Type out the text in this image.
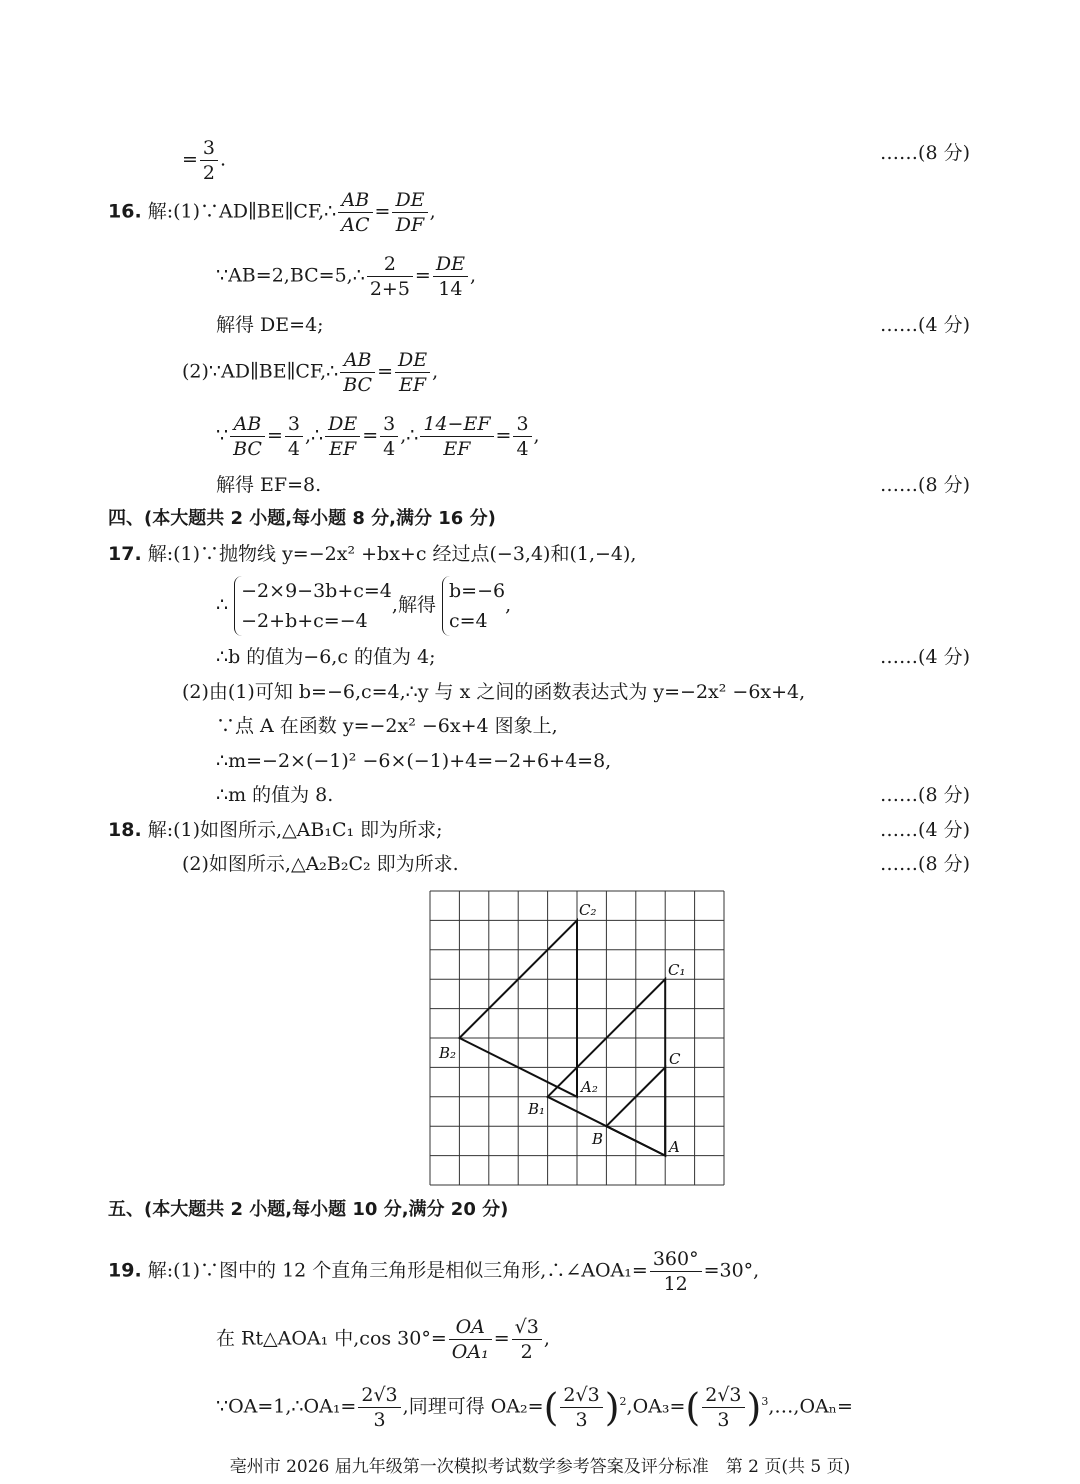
= $\frac{3}{2}$ .	……(8 分)
16. 解:(1)∵AD∥BE∥CF,∴ $\frac{AB}{AC} = \frac{DE}{DF}$ ,
∵AB=2,BC=5,∴ $\frac{2}{2+5} = \frac{DE}{14}$ ,
解得 DE=4;	……(4 分)
(2)∵AD∥BE∥CF,∴ $\frac{AB}{BC} = \frac{DE}{EF}$ ,
∵ $\frac{AB}{BC} = \frac{3}{4}$ ,∴ $\frac{DE}{EF} = \frac{3}{4}$ ,∴ $\frac{14-EF}{EF} = \frac{3}{4}$ ,
解得 EF=8.	……(8 分)
四、(本大题共 2 小题,每小题 8 分,满分 16 分)
17. 解:(1)∵抛物线 y=−2x² +bx+c 经过点(−3,4)和(1,−4),
∴
−2×9−3b+c=4
−2+b+c=−4
,解得
b=−6
c=4
,
∴b 的值为−6,c 的值为 4;	……(4 分)
(2)由(1)可知 b=−6,c=4,∴y 与 x 之间的函数表达式为 y=−2x² −6x+4,
∵点 A 在函数 y=−2x² −6x+4 图象上,
∴m=−2×(−1)² −6×(−1)+4=−2+6+4=8,
∴m 的值为 8.	……(8 分)
18. 解:(1)如图所示,△AB₁C₁ 即为所求;	……(4 分)
(2)如图所示,△A₂B₂C₂ 即为所求.	……(8 分)
C₂
C₁
C
B₂
A₂
B₁
B	A
五、(本大题共 2 小题,每小题 10 分,满分 20 分)
19. 解:(1)∵图中的 12 个直角三角形是相似三角形,∴∠AOA₁= $\frac{360^\circ}{12} =30^\circ$,
在 Rt△AOA₁ 中,cos $30^\circ= \frac{OA}{\text{OA₁}} = \frac{√3}{2}$ ,
∵OA=1,∴OA₁= $\frac{2√3}{3}$ ,同理可得 $OA_2=( \frac{2√3}{3} )^2,OA_3=( \frac{2√3}{3}$ )$^3,\dots,OA_n=$
亳州市 2026 届九年级第一次模拟考试数学参考答案及评分标准　第 2 页(共 5 页)
